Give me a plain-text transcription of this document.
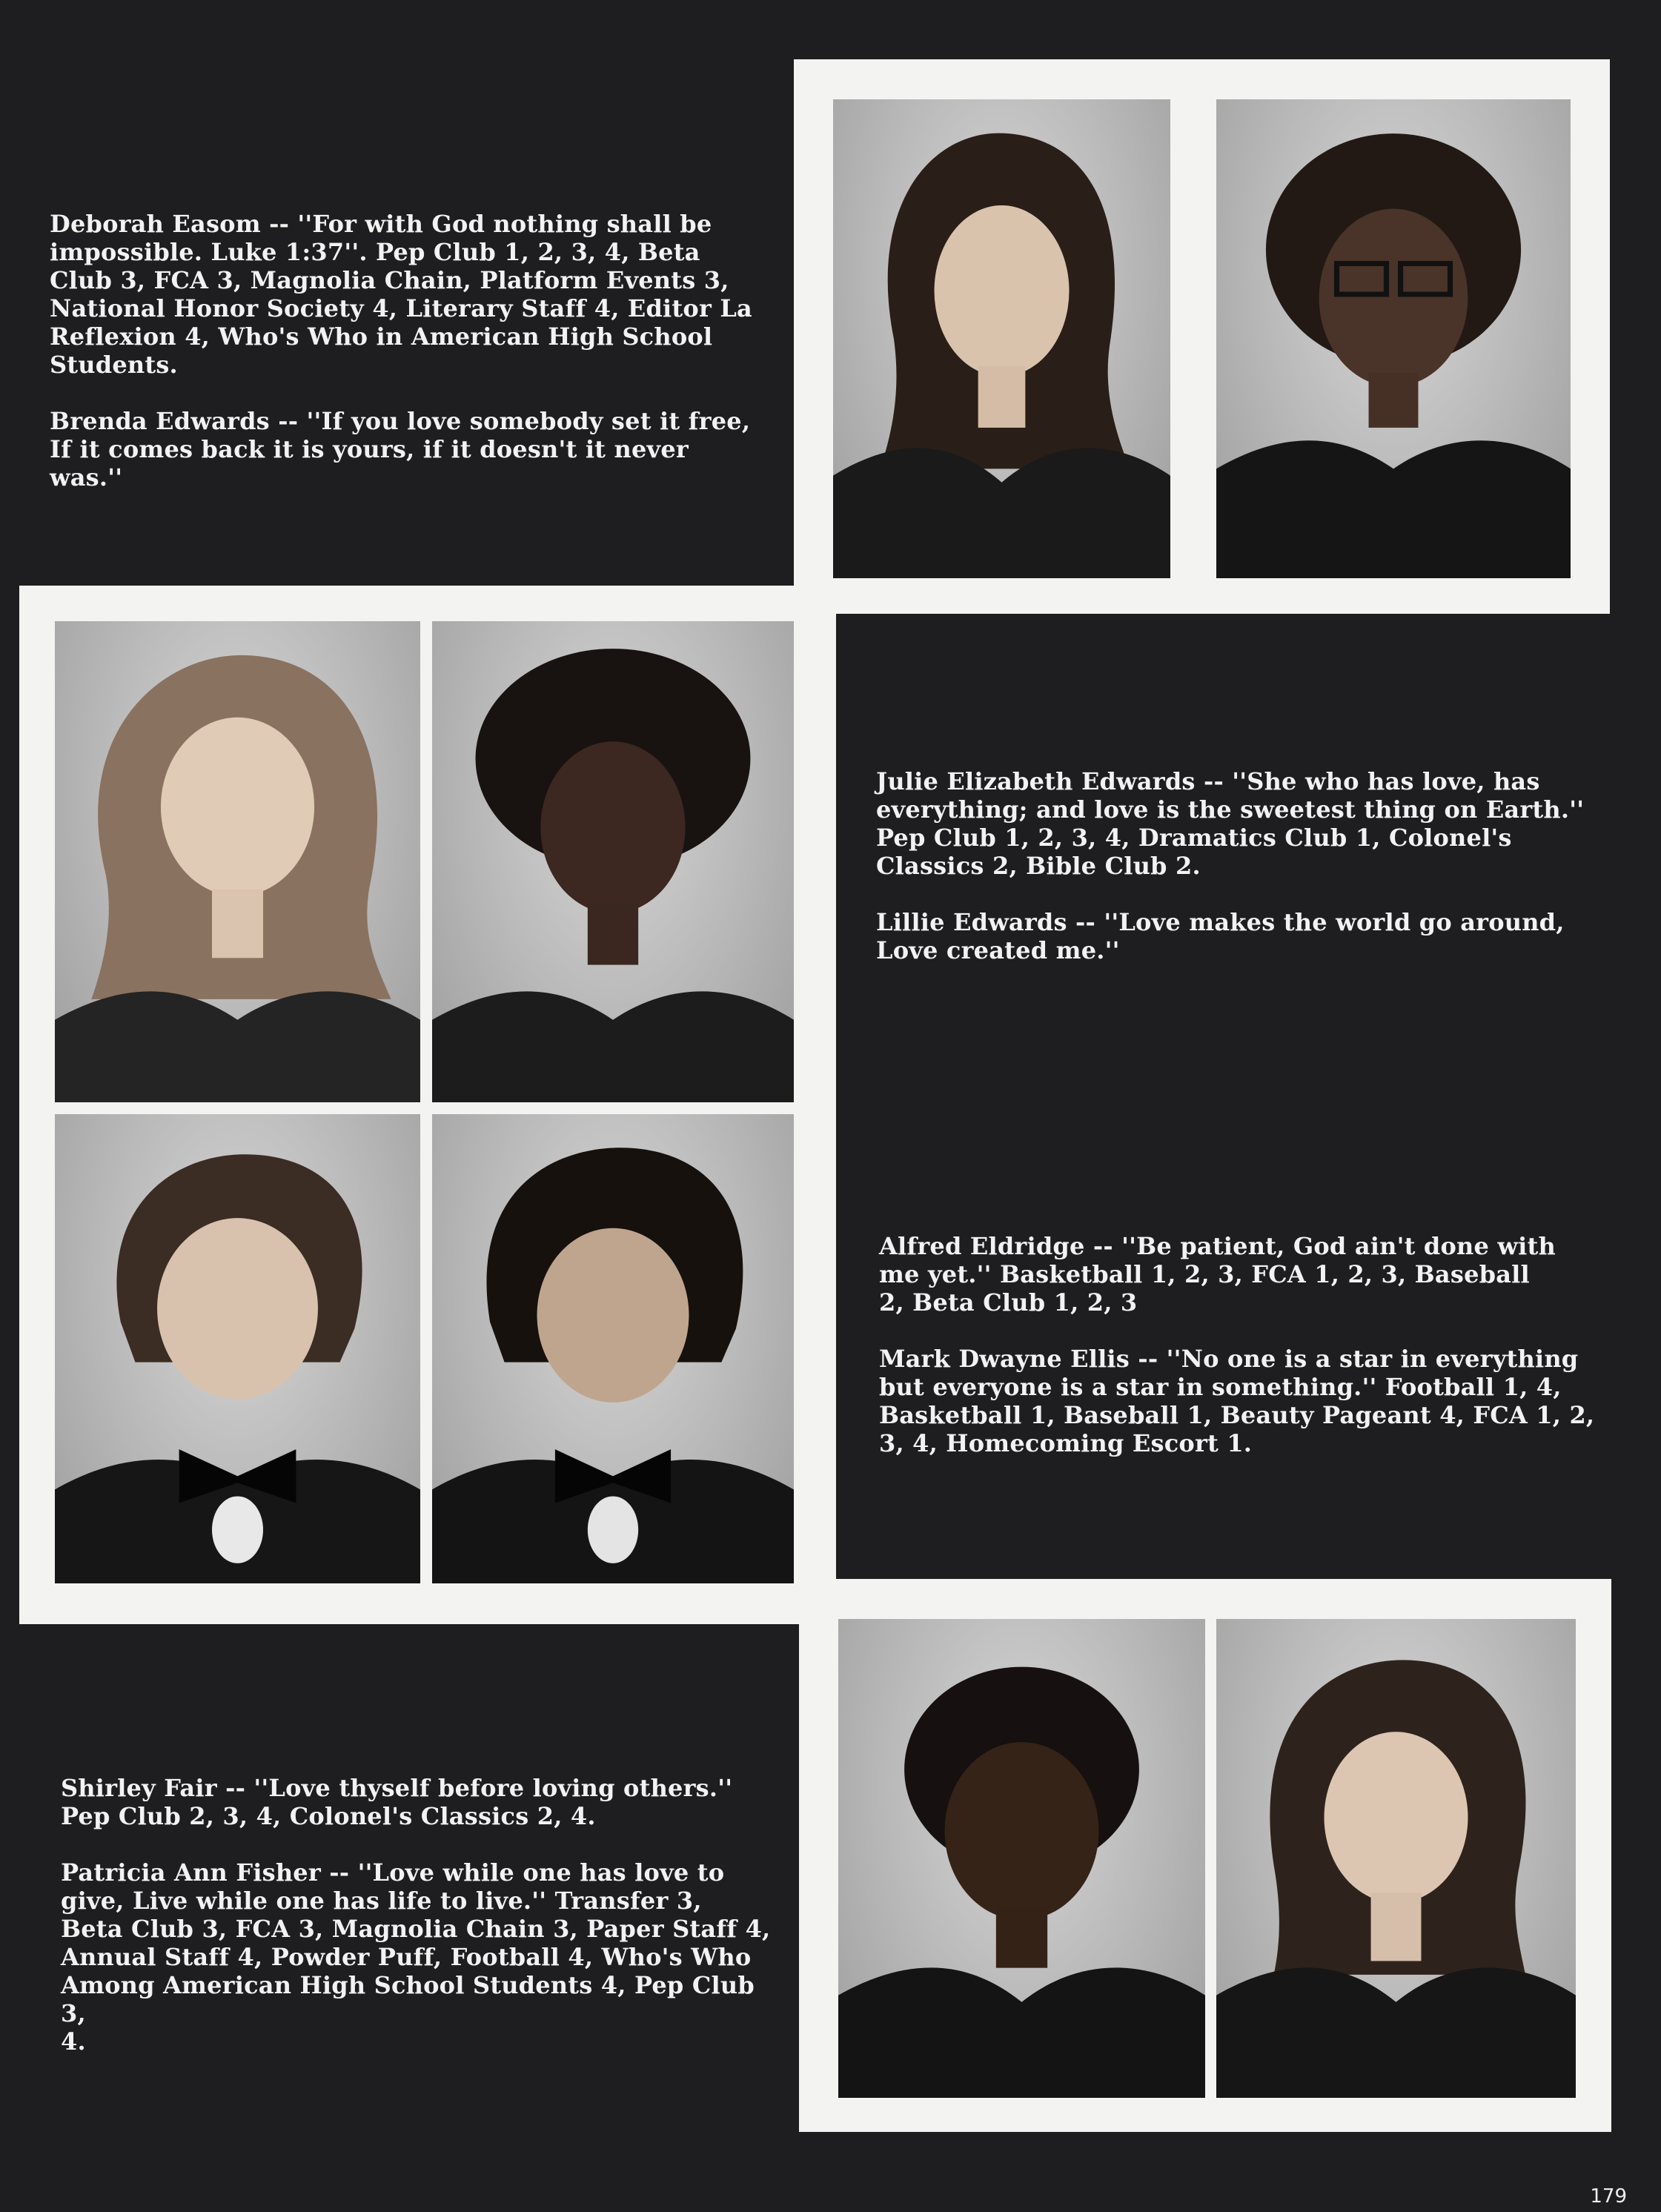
Deborah Easom -- ''For with God nothing shall be
impossible. Luke 1:37''. Pep Club 1, 2, 3, 4, Beta
Club 3, FCA 3, Magnolia Chain, Platform Events 3,
National Honor Society 4, Literary Staff 4, Editor La
Reflexion 4, Who's Who in American High School
Students.

Brenda Edwards -- ''If you love somebody set it free,
If it comes back it is yours, if it doesn't it never
was.''

Julie Elizabeth Edwards -- ''She who has love, has
everything; and love is the sweetest thing on Earth.''
Pep Club 1, 2, 3, 4, Dramatics Club 1, Colonel's
Classics 2, Bible Club 2.

Lillie Edwards -- ''Love makes the world go around,
Love created me.''

Alfred Eldridge -- ''Be patient, God ain't done with
me yet.'' Basketball 1, 2, 3, FCA 1, 2, 3, Baseball
2, Beta Club 1, 2, 3

Mark Dwayne Ellis -- ''No one is a star in everything
but everyone is a star in something.'' Football 1, 4,
Basketball 1, Baseball 1, Beauty Pageant 4, FCA 1, 2,
3, 4, Homecoming Escort 1.

Shirley Fair -- ''Love thyself before loving others.''
Pep Club 2, 3, 4, Colonel's Classics 2, 4.

Patricia Ann Fisher -- ''Love while one has love to
give, Live while one has life to live.'' Transfer 3,
Beta Club 3, FCA 3, Magnolia Chain 3, Paper Staff 4,
Annual Staff 4, Powder Puff, Football 4, Who's Who
Among American High School Students 4, Pep Club 3,
4.

179
